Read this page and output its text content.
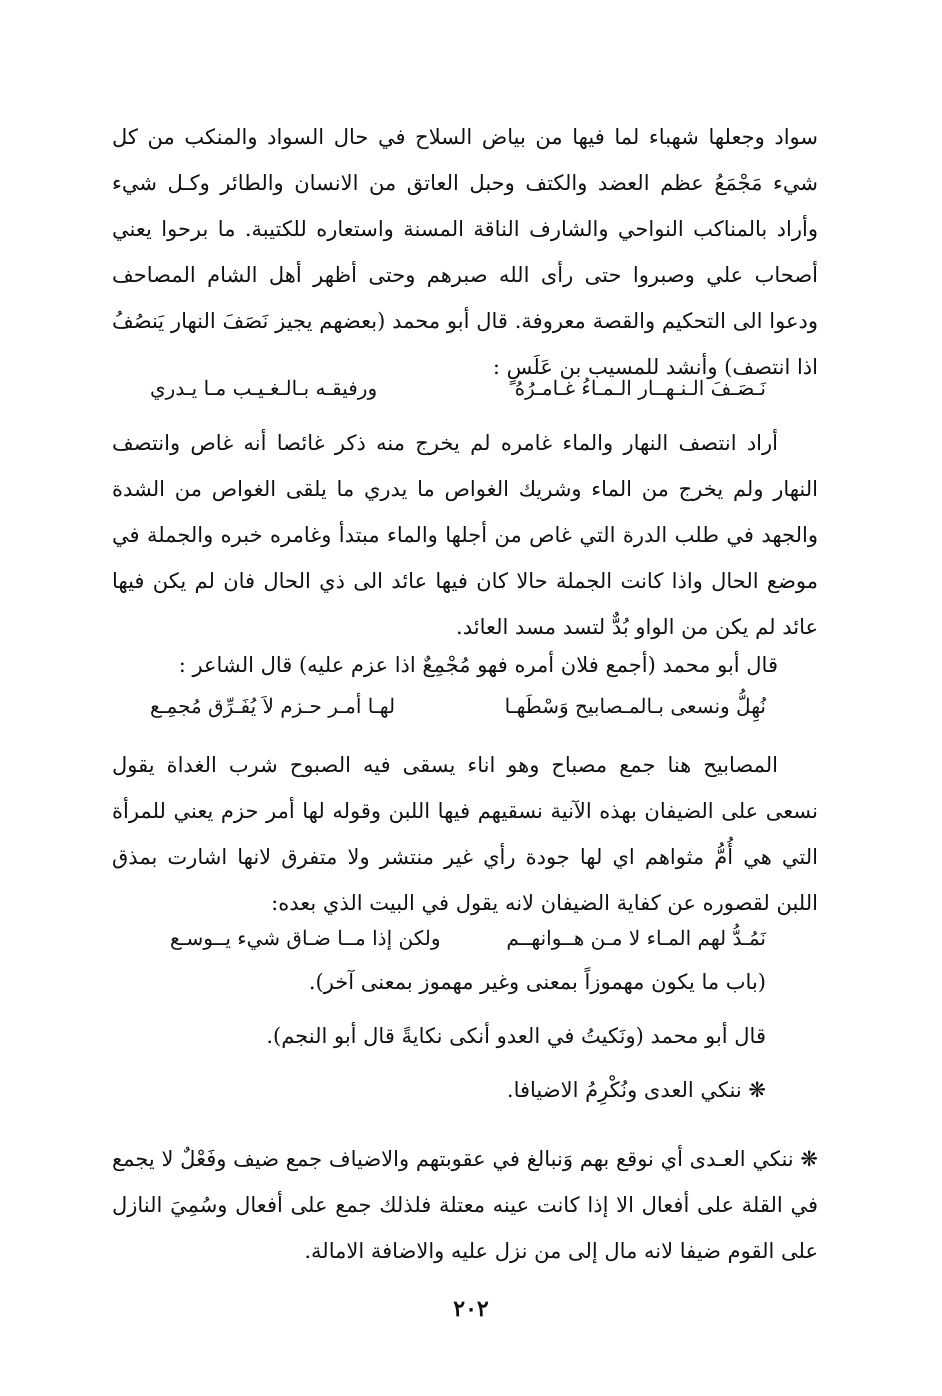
سواد وجعلها شهباء لما فيها من بياض السلاح في حال السواد والمنكب من كل شيء مَجْمَعُ عظم العضد والكتف وحبل العاتق من الانسان والطائر وكـل شيء وأراد بالمناكب النواحي والشارف الناقة المسنة واستعاره للكتيبة. ما برحوا يعني أصحاب علي وصبروا حتى رأى الله صبرهم وحتى أظهر أهل الشام المصاحف ودعوا الى التحكيم والقصة معروفة. قال أبو محمد (بعضهم يجيز نَصَفَ النهار يَنصُفُ اذا انتصف) وأنشد للمسيب بن عَلَسٍ :

نَـصَـفَ الـنـهــار الـمـاءُ غـامـرُهُ
ورفيقـه بـالـغـيـب مـا يـدري

أراد انتصف النهار والماء غامره لم يخرج منه ذكر غائصا أنه غاص وانتصف النهار ولم يخرج من الماء وشريك الغواص ما يدري ما يلقى الغواص من الشدة والجهد في طلب الدرة التي غاص من أجلها والماء مبتدأ وغامره خبره والجملة في موضع الحال واذا كانت الجملة حالا كان فيها عائد الى ذي الحال فان لم يكن فيها عائد لم يكن من الواو بُدٌّ لتسد مسد العائد.

قال أبو محمد (أجمع فلان أمره فهو مُجْمِعٌ اذا عزم عليه) قال الشاعر :

نُهِلُّ ونسعى بـالمـصابيح وَسْطَهـا
لهـا أمـر حـزم لاَ يُفَـرِّق مُجمِـع

المصابيح هنا جمع مصباح وهو اناء يسقى فيه الصبوح شرب الغداة يقول نسعى على الضيفان بهذه الآنية نسقيهم فيها اللبن وقوله لها أمر حزم يعني للمرأة التي هي أُمُّ مثواهم اي لها جودة رأي غير منتشر ولا متفرق لانها اشارت بمذق اللبن لقصوره عن كفاية الضيفان لانه يقول في البيت الذي بعده:

نَمُـدُّ لهم المـاء لا مـن هــوانهــم
ولكن إذا مــا ضـاق شيء يــوسـع
(باب ما يكون مهموزاً بمعنى وغير مهموز بمعنى آخر).
قال أبو محمد (ونَكيتُ في العدو أنكى نكايةً قال أبو النجم).
❋ ننكي العدى ونُكْرِمُ الاضيافا.

❋ ننكي العـدى أي نوقع بهم وَنبالغ في عقوبتهم والاضياف جمع ضيف وفَعْلٌ لا يجمع في القلة على أفعال الا إذا كانت عينه معتلة فلذلك جمع على أفعال وسُمِيَ النازل على القوم ضيفا لانه مال إلى من نزل عليه والاضافة الامالة.

٢٠٢
